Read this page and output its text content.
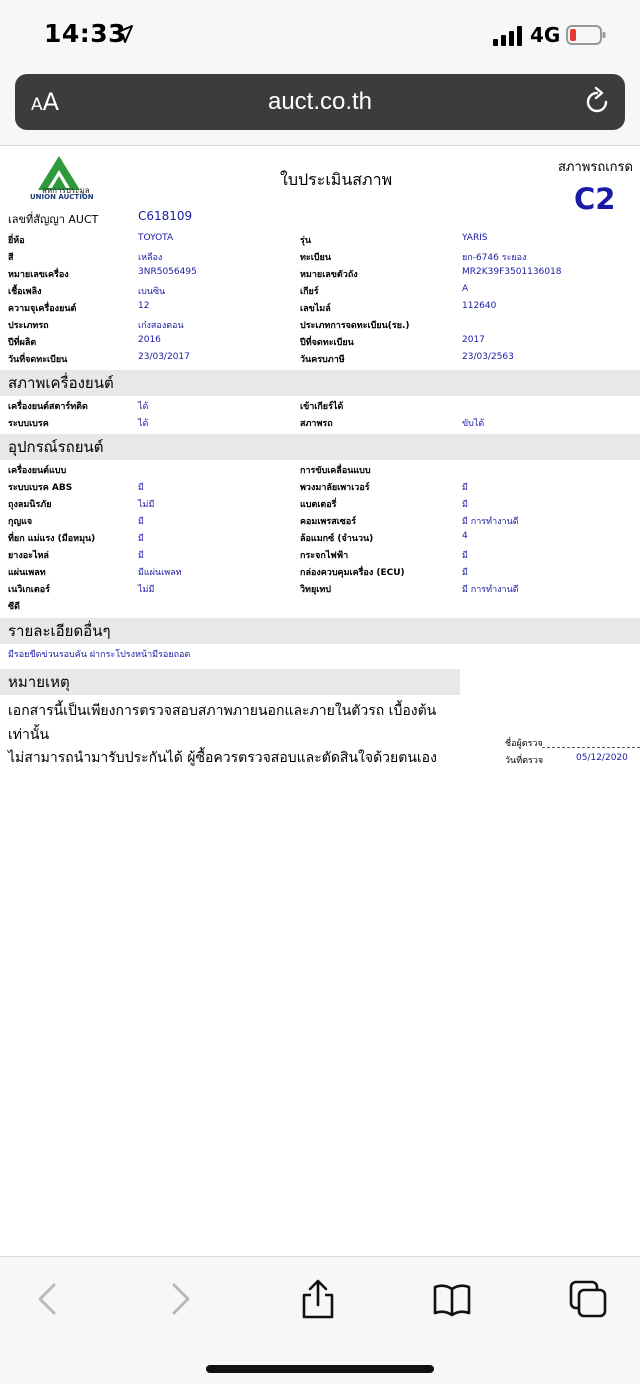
14:33	4G
AA	auct.co.th
สหการประมูล
UNION AUCTION
ใบประเมินสภาพ
สภาพรถเกรด
C2
เลขที่สัญญา AUCT	C618109
ยี่ห้อ	TOYOTA	รุ่น	YARIS
สี	เหลือง	ทะเบียน	ยก-6746 ระยอง
หมายเลขเครื่อง	3NR5056495	หมายเลขตัวถัง	MR2K39F3501136018
เชื้อเพลิง	เบนซิน	เกียร์	A
ความจุเครื่องยนต์	12	เลขไมล์	112640
ประเภทรถ	เก๋งสองตอน	ประเภทการจดทะเบียน(รย.)
ปีที่ผลิต	2016	ปีที่จดทะเบียน	2017
วันที่จดทะเบียน	23/03/2017	วันครบภาษี	23/03/2563
สภาพเครื่องยนต์
เครื่องยนต์สตาร์ทติด	ได้	เข้าเกียร์ได้
ระบบเบรค	ได้	สภาพรถ	ขับได้
อุปกรณ์รถยนต์
เครื่องยนต์แบบ	การขับเคลื่อนแบบ
ระบบเบรค ABS	มี	พวงมาลัยเพาเวอร์	มี
ถุงลมนิรภัย	ไม่มี	แบตเตอรี่	มี
กุญแจ	มี	คอมเพรสเซอร์	มี การทำงานดี
ที่ยก แม่แรง (มือหมุน)	มี	ล้อแมกซ์ (จำนวน)	4
ยางอะไหล่	มี	กระจกไฟฟ้า	มี
แผ่นเพลท	มีแผ่นเพลท	กล่องควบคุมเครื่อง (ECU)	มี
เนวิเกเตอร์	ไม่มี	วิทยุเทป	มี การทำงานดี
ซีดี
รายละเอียดอื่นๆ
มีรอยขีดข่วนรอบคัน ฝากระโปรงหน้ามีรอยถอด
หมายเหตุ
เอกสารนี้เป็นเพียงการตรวจสอบสภาพภายนอกและภายในตัวรถ เบื้องต้น
เท่านั้น
ไม่สามารถนำมารับประกันได้ ผู้ซื้อควรตรวจสอบและตัดสินใจด้วยตนเอง
ชื่อผู้ตรวจ
วันที่ตรวจ	05/12/2020
